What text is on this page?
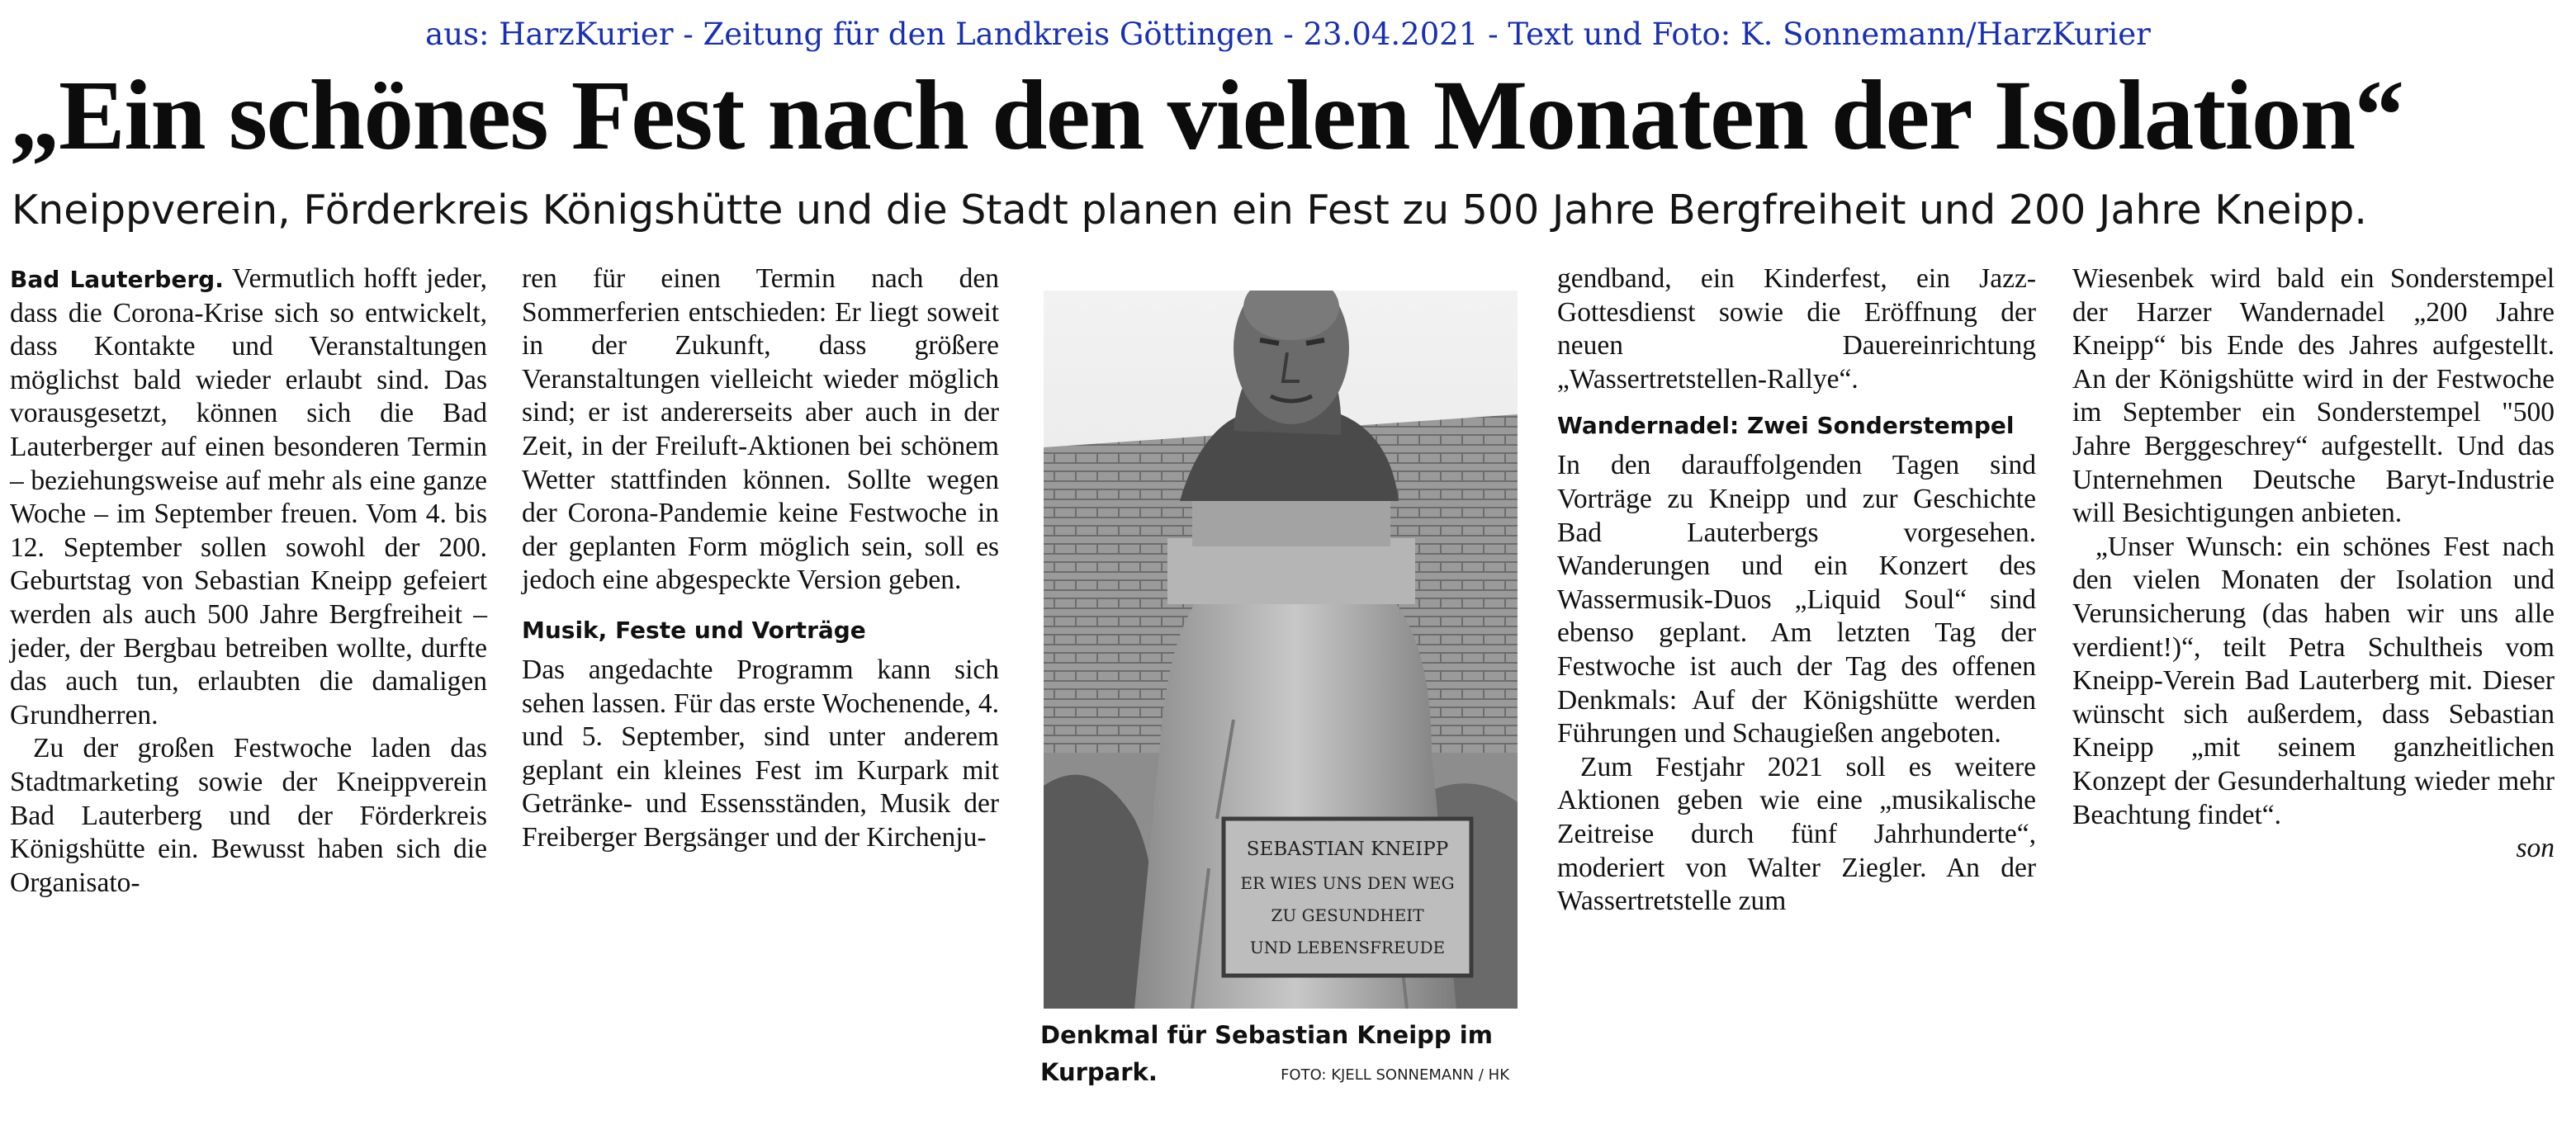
aus: HarzKurier - Zeitung für den Landkreis Göttingen - 23.04.2021 - Text und Foto: K. Sonnemann/HarzKurier
„Ein schönes Fest nach den vielen Monaten der Isolation“
Kneippverein, Förderkreis Königshütte und die Stadt planen ein Fest zu 500 Jahre Bergfreiheit und 200 Jahre Kneipp.

Bad Lauterberg. Vermutlich hofft jeder, dass die Corona-Krise sich so entwickelt, dass Kontakte und Veranstaltungen möglichst bald wieder erlaubt sind. Das vorausgesetzt, können sich die Bad Lauterberger auf einen besonderen Termin – beziehungsweise auf mehr als eine ganze Woche – im September freuen. Vom 4. bis 12. September sollen sowohl der 200. Geburtstag von Sebastian Kneipp gefeiert werden als auch 500 Jahre Bergfreiheit – jeder, der Bergbau betreiben wollte, durfte das auch tun, erlaubten die damaligen Grundherren.

Zu der großen Festwoche laden das Stadtmarketing sowie der Kneippverein Bad Lauterberg und der Förderkreis Königshütte ein. Bewusst haben sich die Organisato-

ren für einen Termin nach den Sommerferien entschieden: Er liegt soweit in der Zukunft, dass größere Veranstaltungen vielleicht wieder möglich sind; er ist andererseits aber auch in der Zeit, in der Freiluft-Aktionen bei schönem Wetter stattfinden können. Sollte wegen der Corona-Pandemie keine Festwoche in der geplanten Form möglich sein, soll es jedoch eine abgespeckte Version geben.

Musik, Feste und Vorträge

Das angedachte Programm kann sich sehen lassen. Für das erste Wochenende, 4. und 5. September, sind unter anderem geplant ein kleines Fest im Kurpark mit Getränke- und Essensständen, Musik der Freiberger Bergsänger und der Kirchenju-	SEBASTIAN KNEIPP
ER WIES UNS DEN WEG
ZU GESUNDHEIT
UND LEBENSFREUDE
Denkmal für Sebastian Kneipp im Kurpark.	FOTO: KJELL SONNEMANN / HK

gendband, ein Kinderfest, ein Jazz-Gottesdienst sowie die Eröffnung der neuen Dauereinrichtung „Wassertretstellen-Rallye“.

Wandernadel: Zwei Sonderstempel

In den darauffolgenden Tagen sind Vorträge zu Kneipp und zur Geschichte Bad Lauterbergs vorgesehen. Wanderungen und ein Konzert des Wassermusik-Duos „Liquid Soul“ sind ebenso geplant. Am letzten Tag der Festwoche ist auch der Tag des offenen Denkmals: Auf der Königshütte werden Führungen und Schaugießen angeboten.

Zum Festjahr 2021 soll es weitere Aktionen geben wie eine „musikalische Zeitreise durch fünf Jahrhunderte“, moderiert von Walter Ziegler. An der Wassertretstelle zum

Wiesenbek wird bald ein Sonderstempel der Harzer Wandernadel „200 Jahre Kneipp“ bis Ende des Jahres aufgestellt. An der Königshütte wird in der Festwoche im September ein Sonderstempel "500 Jahre Berggeschrey“ aufgestellt. Und das Unternehmen Deutsche Baryt-Industrie will Besichtigungen anbieten.

„Unser Wunsch: ein schönes Fest nach den vielen Monaten der Isolation und Verunsicherung (das haben wir uns alle verdient!)“, teilt Petra Schultheis vom Kneipp-Verein Bad Lauterberg mit. Dieser wünscht sich außerdem, dass Sebastian Kneipp „mit seinem ganzheitlichen Konzept der Gesunderhaltung wieder mehr Beachtung findet“.

son
